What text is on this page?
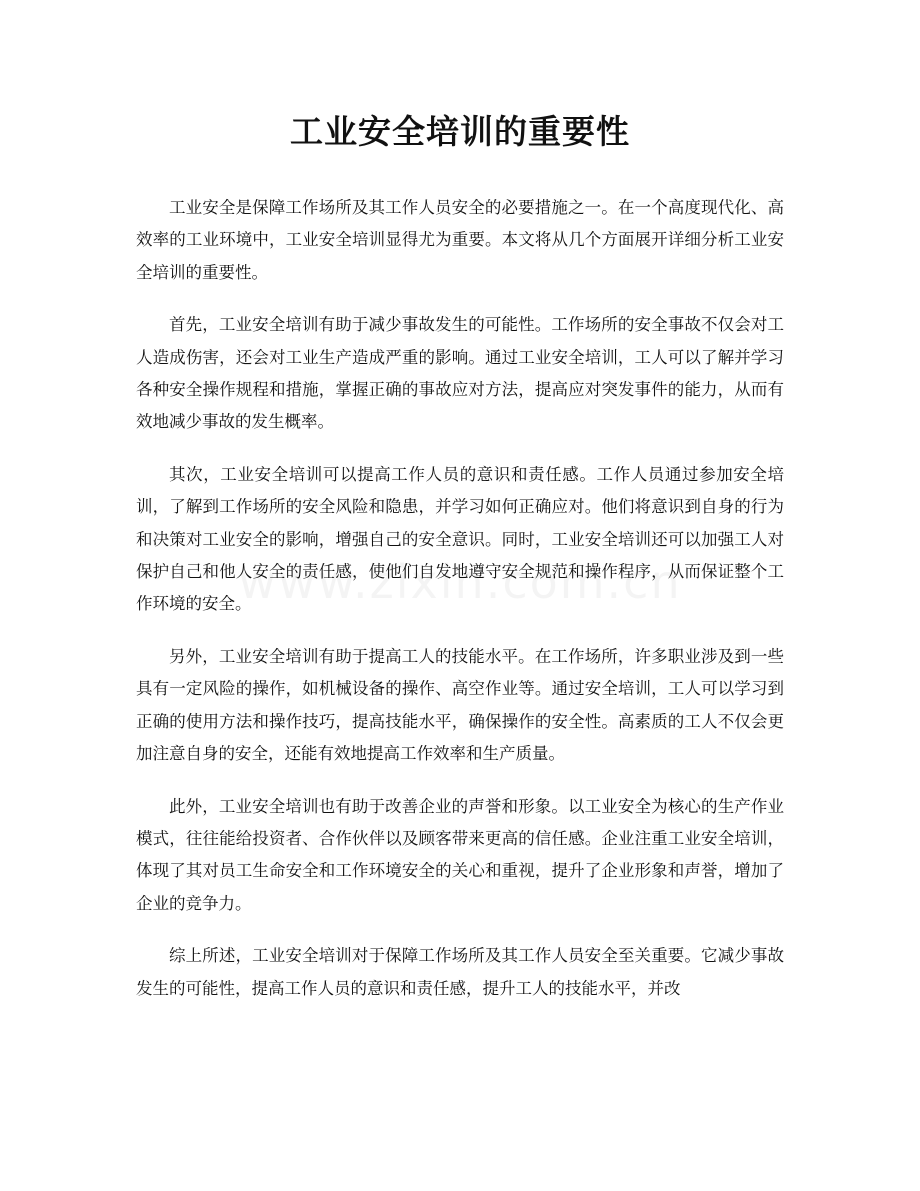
工业安全培训的重要性

工业安全是保障工作场所及其工作人员安全的必要措施之一。在一个高度现代化、高效率的工业环境中，工业安全培训显得尤为重要。本文将从几个方面展开详细分析工业安全培训的重要性。

首先，工业安全培训有助于减少事故发生的可能性。工作场所的安全事故不仅会对工人造成伤害，还会对工业生产造成严重的影响。通过工业安全培训，工人可以了解并学习各种安全操作规程和措施，掌握正确的事故应对方法，提高应对突发事件的能力，从而有效地减少事故的发生概率。

其次，工业安全培训可以提高工作人员的意识和责任感。工作人员通过参加安全培训，了解到工作场所的安全风险和隐患，并学习如何正确应对。他们将意识到自身的行为和决策对工业安全的影响，增强自己的安全意识。同时，工业安全培训还可以加强工人对保护自己和他人安全的责任感，使他们自发地遵守安全规范和操作程序，从而保证整个工作环境的安全。

另外，工业安全培训有助于提高工人的技能水平。在工作场所，许多职业涉及到一些具有一定风险的操作，如机械设备的操作、高空作业等。通过安全培训，工人可以学习到正确的使用方法和操作技巧，提高技能水平，确保操作的安全性。高素质的工人不仅会更加注意自身的安全，还能有效地提高工作效率和生产质量。

此外，工业安全培训也有助于改善企业的声誉和形象。以工业安全为核心的生产作业模式，往往能给投资者、合作伙伴以及顾客带来更高的信任感。企业注重工业安全培训，体现了其对员工生命安全和工作环境安全的关心和重视，提升了企业形象和声誉，增加了企业的竞争力。

综上所述，工业安全培训对于保障工作场所及其工作人员安全至关重要。它减少事故发生的可能性，提高工作人员的意识和责任感，提升工人的技能水平，并改
